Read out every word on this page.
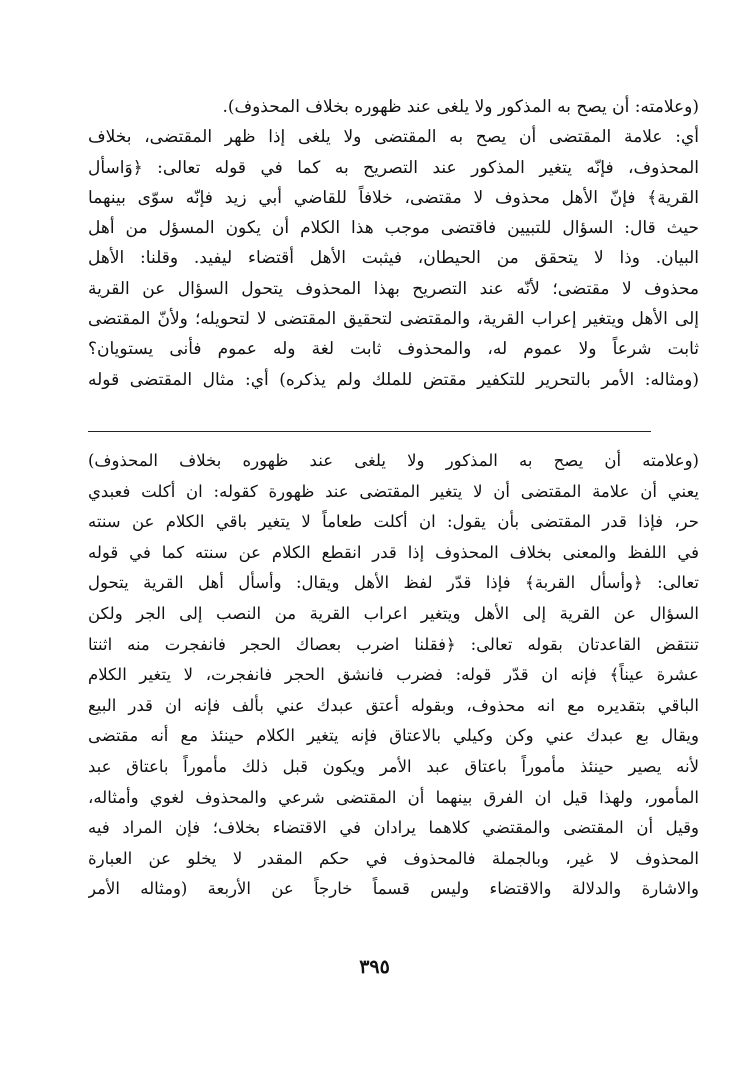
(وعلامته: أن يصح به المذكور ولا يلغى عند ظهوره بخلاف المحذوف).
أي: علامة المقتضى أن يصح به المقتضى ولا يلغى إذا ظهر المقتضى، بخلاف
المحذوف، فإنّه يتغير المذكور عند التصريح به كما في قوله تعالى: ﴿وَاسأل
القرية﴾ فإنّ الأهل محذوف لا مقتضى، خلافاً للقاضي أبي زيد فإنّه سوّى بينهما
حيث قال: السؤال للتبيين فاقتضى موجب هذا الكلام أن يكون المسؤل من أهل
البيان. وذا لا يتحقق من الحيطان، فيثبت الأهل أقتضاء ليفيد. وقلنا: الأهل
محذوف لا مقتضى؛ لأنّه عند التصريح بهذا المحذوف يتحول السؤال عن القرية
إلى الأهل ويتغير إعراب القرية، والمقتضى لتحقيق المقتضى لا لتحويله؛ ولأنّ المقتضى
ثابت شرعاً ولا عموم له، والمحذوف ثابت لغة وله عموم فأنى يستويان؟
(ومثاله: الأمر بالتحرير للتكفير مقتض للملك ولم يذكره) أي: مثال المقتضى قوله
(وعلامته أن يصح به المذكور ولا يلغى عند ظهوره بخلاف المحذوف)
يعني أن علامة المقتضى أن لا يتغير المقتضى عند ظهورة كقوله: ان أكلت فعبدي
حر، فإذا قدر المقتضى بأن يقول: ان أكلت طعاماً لا يتغير باقي الكلام عن سنته
في اللفظ والمعنى بخلاف المحذوف إذا قدر انقطع الكلام عن سنته كما في قوله
تعالى: ﴿وأسأل القربة﴾ فإذا قدّر لفظ الأهل ويقال: وأسأل أهل القرية يتحول
السؤال عن القرية إلى الأهل ويتغير اعراب القرية من النصب إلى الجر ولكن
تنتقض القاعدتان بقوله تعالى: ﴿فقلنا اضرب بعصاك الحجر فانفجرت منه اثنتا
عشرة عيناً﴾ فإنه ان قدّر قوله: فضرب فانشق الحجر فانفجرت، لا يتغير الكلام
الباقي بتقديره مع انه محذوف، وبقوله أعتق عبدك عني بألف فإنه ان قدر البيع
ويقال بع عبدك عني وكن وكيلي بالاعتاق فإنه يتغير الكلام حينئذ مع أنه مقتضى
لأنه يصير حينئذ مأموراً باعتاق عبد الأمر ويكون قبل ذلك مأموراً باعتاق عبد
المأمور، ولهذا قيل ان الفرق بينهما أن المقتضى شرعي والمحذوف لغوي وأمثاله،
وقيل أن المقتضى والمقتضي كلاهما يرادان في الاقتضاء بخلاف؛ فإن المراد فيه
المحذوف لا غير، وبالجملة فالمحذوف في حكم المقدر لا يخلو عن العبارة
والاشارة والدلالة والاقتضاء وليس قسماً خارجاً عن الأربعة (ومثاله الأمر
٣٩٥
